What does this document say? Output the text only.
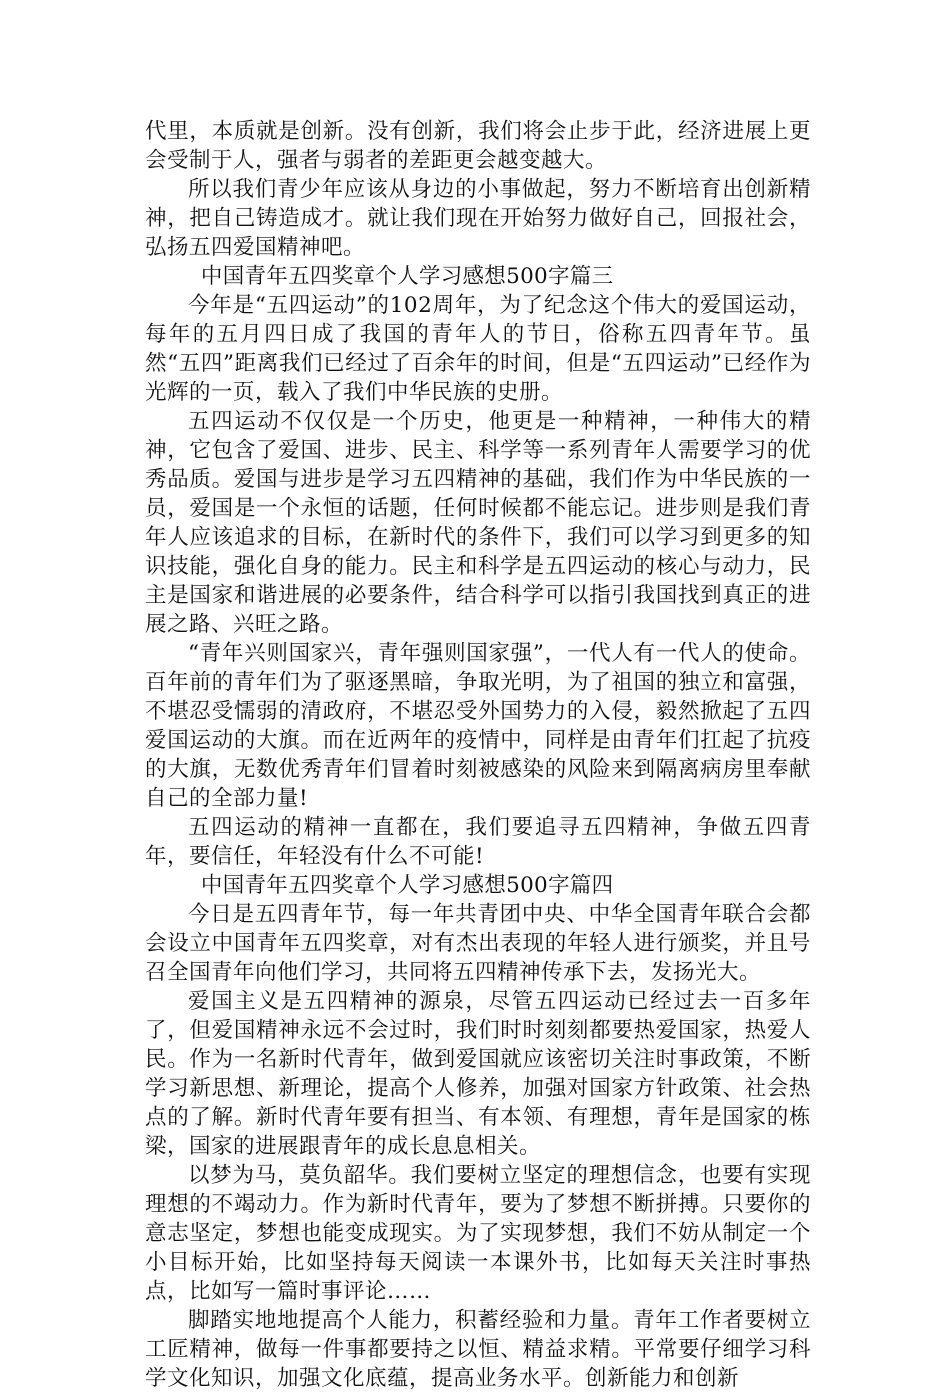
代里，本质就是创新。没有创新，我们将会止步于此，经济进展上更会受制于人，强者与弱者的差距更会越变越大。

所以我们青少年应该从身边的小事做起，努力不断培育出创新精神，把自己铸造成才。就让我们现在开始努力做好自己，回报社会，弘扬五四爱国精神吧。

中国青年五四奖章个人学习感想500字篇三

今年是“五四运动”的102周年，为了纪念这个伟大的爱国运动，每年的五月四日成了我国的青年人的节日，俗称五四青年节。虽然“五四”距离我们已经过了百余年的时间，但是“五四运动”已经作为光辉的一页，载入了我们中华民族的史册。

五四运动不仅仅是一个历史，他更是一种精神，一种伟大的精神，它包含了爱国、进步、民主、科学等一系列青年人需要学习的优秀品质。爱国与进步是学习五四精神的基础，我们作为中华民族的一员，爱国是一个永恒的话题，任何时候都不能忘记。进步则是我们青年人应该追求的目标，在新时代的条件下，我们可以学习到更多的知识技能，强化自身的能力。民主和科学是五四运动的核心与动力，民主是国家和谐进展的必要条件，结合科学可以指引我国找到真正的进展之路、兴旺之路。

“青年兴则国家兴，青年强则国家强”，一代人有一代人的使命。百年前的青年们为了驱逐黑暗，争取光明，为了祖国的独立和富强，不堪忍受懦弱的清政府，不堪忍受外国势力的入侵，毅然掀起了五四爱国运动的大旗。而在近两年的疫情中，同样是由青年们扛起了抗疫的大旗，无数优秀青年们冒着时刻被感染的风险来到隔离病房里奉献自己的全部力量!

五四运动的精神一直都在，我们要追寻五四精神，争做五四青年，要信任，年轻没有什么不可能!

中国青年五四奖章个人学习感想500字篇四

今日是五四青年节，每一年共青团中央、中华全国青年联合会都会设立中国青年五四奖章，对有杰出表现的年轻人进行颁奖，并且号召全国青年向他们学习，共同将五四精神传承下去，发扬光大。

爱国主义是五四精神的源泉，尽管五四运动已经过去一百多年了，但爱国精神永远不会过时，我们时时刻刻都要热爱国家，热爱人民。作为一名新时代青年，做到爱国就应该密切关注时事政策，不断学习新思想、新理论，提高个人修养，加强对国家方针政策、社会热点的了解。新时代青年要有担当、有本领、有理想，青年是国家的栋梁，国家的进展跟青年的成长息息相关。

以梦为马，莫负韶华。我们要树立坚定的理想信念，也要有实现理想的不竭动力。作为新时代青年，要为了梦想不断拼搏。只要你的意志坚定，梦想也能变成现实。为了实现梦想，我们不妨从制定一个小目标开始，比如坚持每天阅读一本课外书，比如每天关注时事热点，比如写一篇时事评论……

脚踏实地地提高个人能力，积蓄经验和力量。青年工作者要树立工匠精神，做每一件事都要持之以恒、精益求精。平常要仔细学习科学文化知识，加强文化底蕴，提高业务水平。创新能力和创新
